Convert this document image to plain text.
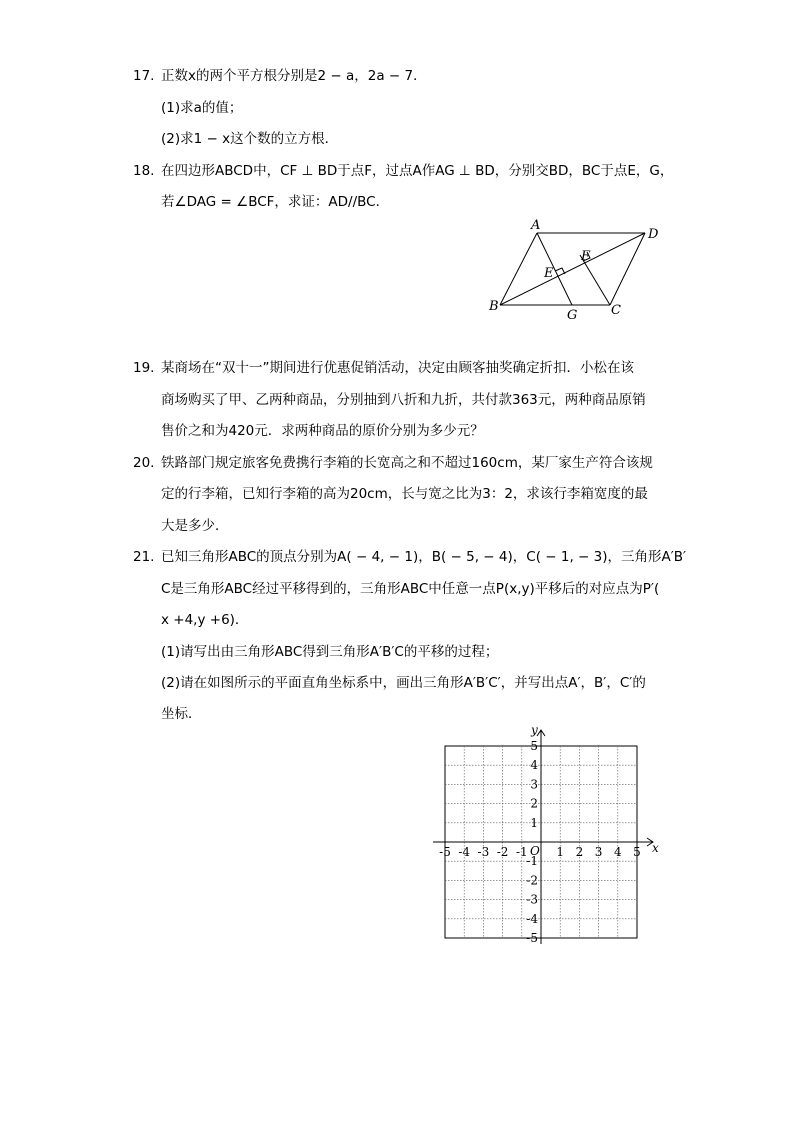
17. 正数x的两个平方根分别是2 − a，2a − 7．
(1)求a的值；
(2)求1 − x这个数的立方根．
18. 在四边形ABCD中，CF ⊥ BD于点F，过点A作AG ⊥ BD，分别交BD，BC于点E，G，
若∠DAG = ∠BCF，求证：AD//BC．
A
D
B	C
E
F
G
19. 某商场在“双十一”期间进行优惠促销活动，决定由顾客抽奖确定折扣．小松在该
商场购买了甲、乙两种商品，分别抽到八折和九折，共付款363元，两种商品原销
售价之和为420元．求两种商品的原价分别为多少元？
20. 铁路部门规定旅客免费携行李箱的长宽高之和不超过160cm，某厂家生产符合该规
定的行李箱，已知行李箱的高为20cm，长与宽之比为3：2，求该行李箱宽度的最
大是多少．
21. 已知三角形ABC的顶点分别为A( − 4, − 1)，B( − 5, − 4)，C( − 1, − 3)，三角形A′B′
C是三角形ABC经过平移得到的，三角形ABC中任意一点P(x,y)平移后的对应点为P′(
x +4,y +6)．
(1)请写出由三角形ABC得到三角形A′B′C的平移的过程；
(2)请在如图所示的平面直角坐标系中，画出三角形A′B′C′，并写出点A′，B′，C′的
坐标．
-5 -4 -3 -2 -1 1 2 3 4 5
5
4
3
2
1
-1
-2
-3
-4
-5
x
y
O
